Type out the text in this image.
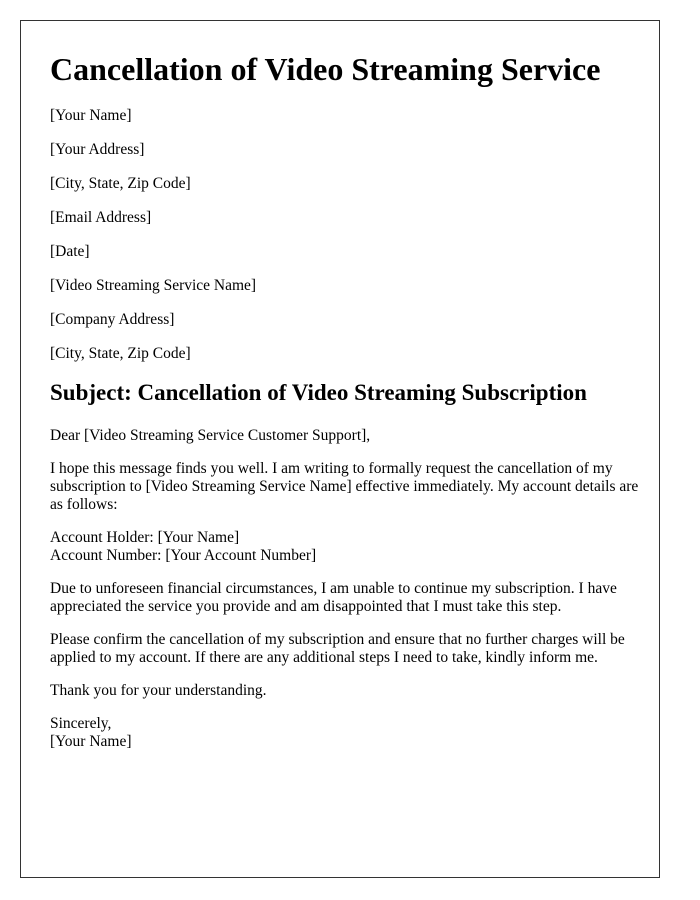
Cancellation of Video Streaming Service
[Your Name]
[Your Address]
[City, State, Zip Code]
[Email Address]
[Date]
[Video Streaming Service Name]
[Company Address]
[City, State, Zip Code]
Subject: Cancellation of Video Streaming Subscription

Dear [Video Streaming Service Customer Support],

I hope this message finds you well. I am writing to formally request the cancellation of my subscription to [Video Streaming Service Name] effective immediately. My account details are as follows:

Account Holder: [Your Name]
Account Number: [Your Account Number]

Due to unforeseen financial circumstances, I am unable to continue my subscription. I have appreciated the service you provide and am disappointed that I must take this step.

Please confirm the cancellation of my subscription and ensure that no further charges will be applied to my account. If there are any additional steps I need to take, kindly inform me.

Thank you for your understanding.

Sincerely,
[Your Name]
